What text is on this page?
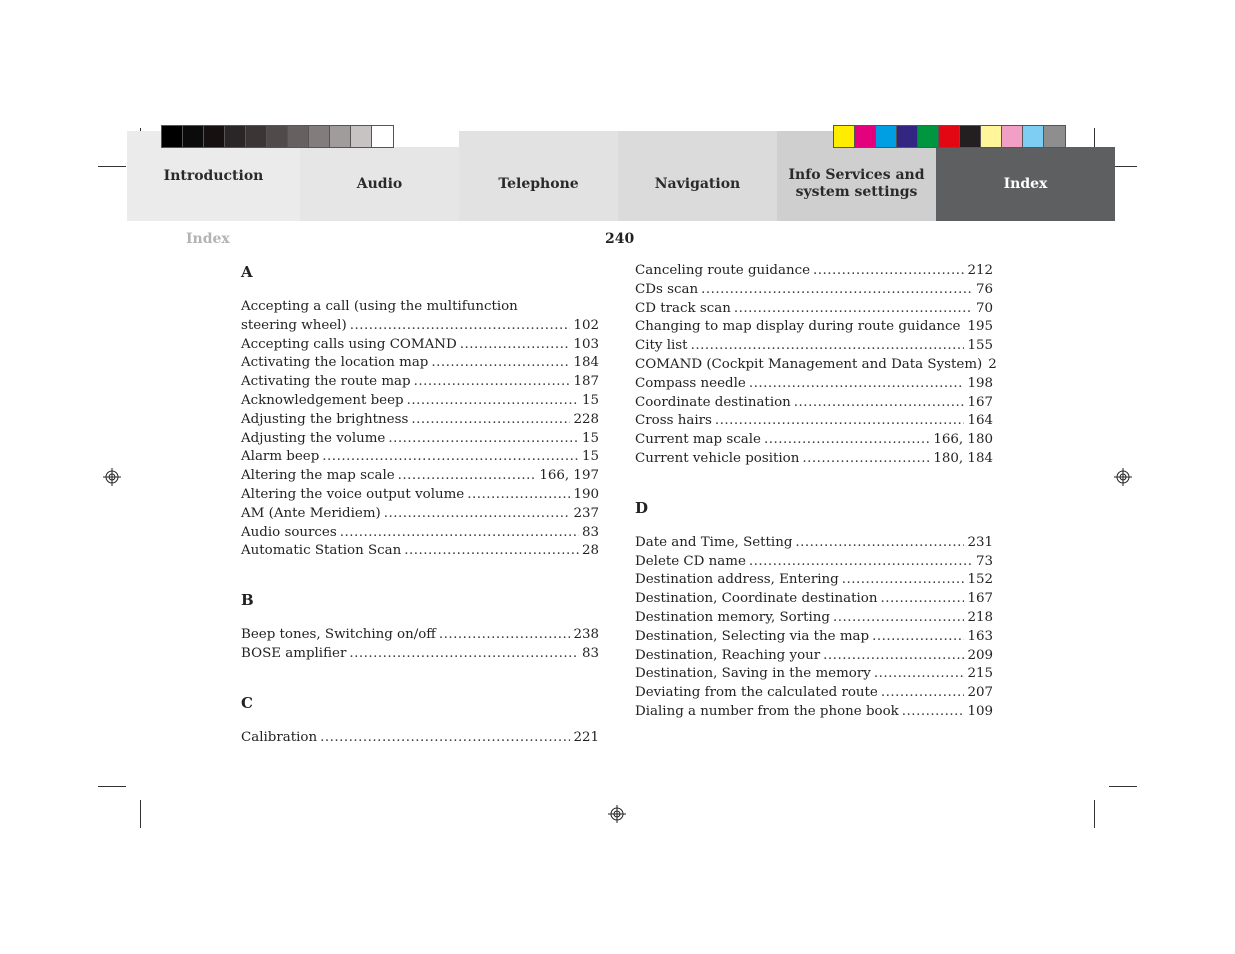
Introduction	Audio	Telephone	Navigation
Info Services and
system settings
Index
Index	240
A
Accepting a call (using the multifunction
steering wheel) .....	102
Accepting calls using COMAND .....	103
Activating the location map .....	184
Activating the route map .....	187
Acknowledgement beep .....	15
Adjusting the brightness .....	228
Adjusting the volume .....	15
Alarm beep .....	15
Altering the map scale .....	166, 197
Altering the voice output volume .....	190
AM (Ante Meridiem) .....	237
Audio sources .....	83
Automatic Station Scan .....	28
B
Beep tones, Switching on/off .....	238
BOSE amplifier .....	83
C
Calibration .....	221
Canceling route guidance .....	212
CDs scan .....	76
CD track scan .....	70
Changing to map display during route guidance ..... 195
City list .....	155
COMAND (Cockpit Management and Data System) 2
Compass needle .....	198
Coordinate destination .....	167
Cross hairs .....	164
Current map scale .....	166, 180
Current vehicle position .....	180, 184
D
Date and Time, Setting .....	231
Delete CD name .....	73
Destination address, Entering .....	152
Destination, Coordinate destination .....	167
Destination memory, Sorting .....	218
Destination, Selecting via the map .....	163
Destination, Reaching your .....	209
Destination, Saving in the memory .....	215
Deviating from the calculated route .....	207
Dialing a number from the phone book .....	109
